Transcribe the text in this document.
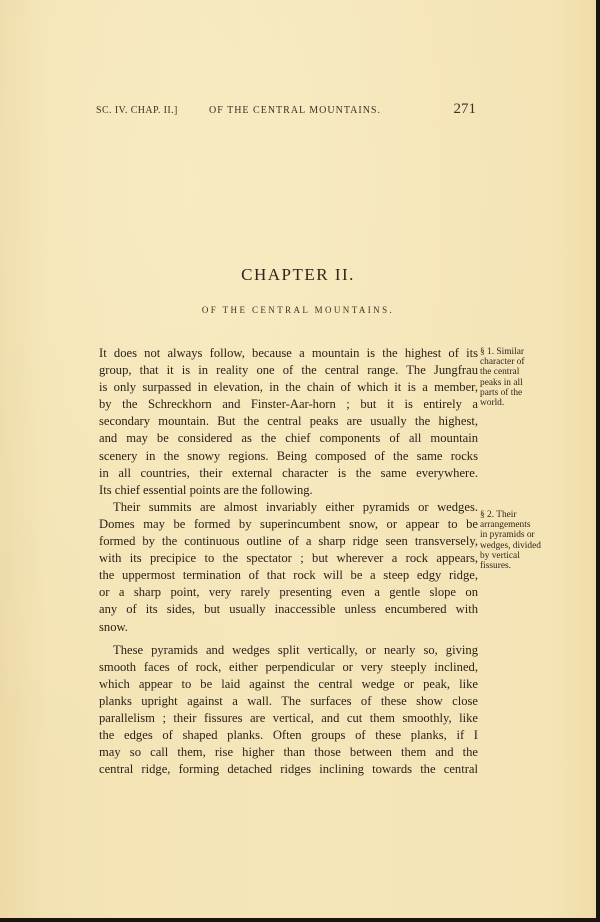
SC. IV. CHAP. II.]	OF THE CENTRAL MOUNTAINS.	271
CHAPTER II.
OF THE CENTRAL MOUNTAINS.
It does not always follow, because a mountain is the highest of its
group, that it is in reality one of the central range. The Jungfrau
is only surpassed in elevation, in the chain of which it is a member,
by the Schreckhorn and Finster-Aar-horn ; but it is entirely a
secondary mountain. But the central peaks are usually the highest,
and may be considered as the chief components of all mountain
scenery in the snowy regions. Being composed of the same rocks
in all countries, their external character is the same everywhere.
Its chief essential points are the following.
Their summits are almost invariably either pyramids or wedges.
Domes may be formed by superincumbent snow, or appear to be
formed by the continuous outline of a sharp ridge seen transversely,
with its precipice to the spectator ; but wherever a rock appears,
the uppermost termination of that rock will be a steep edgy ridge,
or a sharp point, very rarely presenting even a gentle slope on
any of its sides, but usually inaccessible unless encumbered with
snow.
These pyramids and wedges split vertically, or nearly so, giving
smooth faces of rock, either perpendicular or very steeply inclined,
which appear to be laid against the central wedge or peak, like
planks upright against a wall. The surfaces of these show close
parallelism ; their fissures are vertical, and cut them smoothly, like
the edges of shaped planks. Often groups of these planks, if I
may so call them, rise higher than those between them and the
central ridge, forming detached ridges inclining towards the central
§ 1. Similar
character of
the central
peaks in all
parts of the
world.
§ 2. Their
arrangements
in pyramids or
wedges, divided
by vertical
fissures.
